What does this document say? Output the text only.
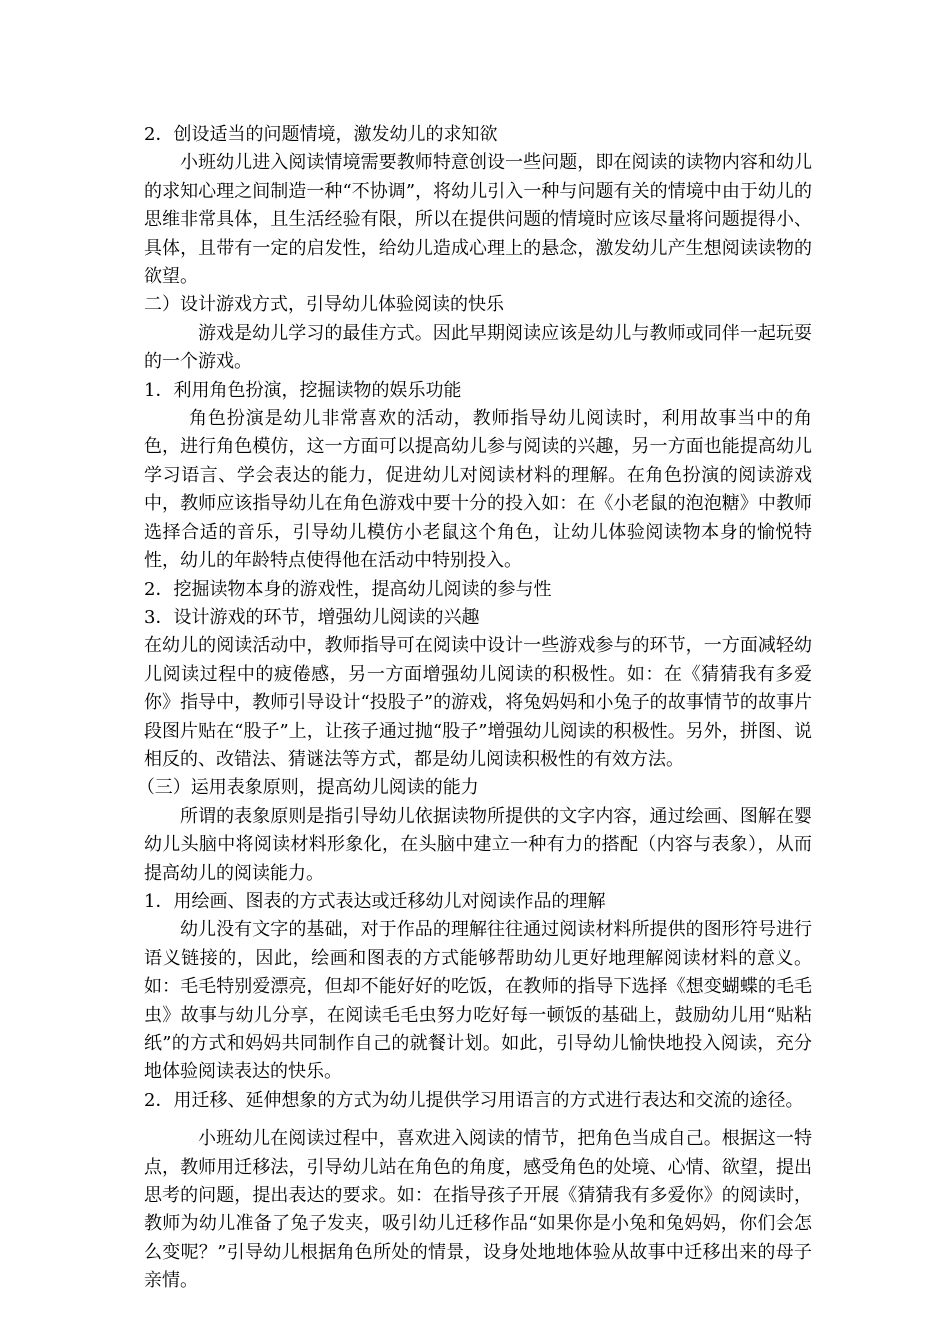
2．创设适当的问题情境，激发幼儿的求知欲

小班幼儿进入阅读情境需要教师特意创设一些问题，即在阅读的读物内容和幼儿的求知心理之间制造一种“不协调”，将幼儿引入一种与问题有关的情境中由于幼儿的思维非常具体，且生活经验有限，所以在提供问题的情境时应该尽量将问题提得小、具体，且带有一定的启发性，给幼儿造成心理上的悬念，激发幼儿产生想阅读读物的欲望。

二）设计游戏方式，引导幼儿体验阅读的快乐

游戏是幼儿学习的最佳方式。因此早期阅读应该是幼儿与教师或同伴一起玩耍的一个游戏。

1．利用角色扮演，挖掘读物的娱乐功能

角色扮演是幼儿非常喜欢的活动，教师指导幼儿阅读时，利用故事当中的角色，进行角色模仿，这一方面可以提高幼儿参与阅读的兴趣，另一方面也能提高幼儿学习语言、学会表达的能力，促进幼儿对阅读材料的理解。在角色扮演的阅读游戏中，教师应该指导幼儿在角色游戏中要十分的投入如：在《小老鼠的泡泡糖》中教师选择合适的音乐，引导幼儿模仿小老鼠这个角色，让幼儿体验阅读物本身的愉悦特性，幼儿的年龄特点使得他在活动中特别投入。

2．挖掘读物本身的游戏性，提高幼儿阅读的参与性

3．设计游戏的环节，增强幼儿阅读的兴趣

在幼儿的阅读活动中，教师指导可在阅读中设计一些游戏参与的环节，一方面减轻幼儿阅读过程中的疲倦感，另一方面增强幼儿阅读的积极性。如：在《猜猜我有多爱你》指导中，教师引导设计“投股子”的游戏，将兔妈妈和小兔子的故事情节的故事片段图片贴在“股子”上，让孩子通过抛“股子”增强幼儿阅读的积极性。另外，拼图、说相反的、改错法、猜谜法等方式，都是幼儿阅读积极性的有效方法。

（三）运用表象原则，提高幼儿阅读的能力

所谓的表象原则是指引导幼儿依据读物所提供的文字内容，通过绘画、图解在婴幼儿头脑中将阅读材料形象化，在头脑中建立一种有力的搭配（内容与表象），从而提高幼儿的阅读能力。

1．用绘画、图表的方式表达或迁移幼儿对阅读作品的理解

幼儿没有文字的基础，对于作品的理解往往通过阅读材料所提供的图形符号进行语义链接的，因此，绘画和图表的方式能够帮助幼儿更好地理解阅读材料的意义。如：毛毛特别爱漂亮，但却不能好好的吃饭，在教师的指导下选择《想变蝴蝶的毛毛虫》故事与幼儿分享，在阅读毛毛虫努力吃好每一顿饭的基础上，鼓励幼儿用“贴粘纸”的方式和妈妈共同制作自己的就餐计划。如此，引导幼儿愉快地投入阅读，充分地体验阅读表达的快乐。

2．用迁移、延伸想象的方式为幼儿提供学习用语言的方式进行表达和交流的途径。

小班幼儿在阅读过程中，喜欢进入阅读的情节，把角色当成自己。根据这一特点，教师用迁移法，引导幼儿站在角色的角度，感受角色的处境、心情、欲望，提出思考的问题，提出表达的要求。如：在指导孩子开展《猜猜我有多爱你》的阅读时，教师为幼儿准备了兔子发夹，吸引幼儿迁移作品“如果你是小兔和兔妈妈，你们会怎么变呢？”引导幼儿根据角色所处的情景，设身处地地体验从故事中迁移出来的母子亲情。
